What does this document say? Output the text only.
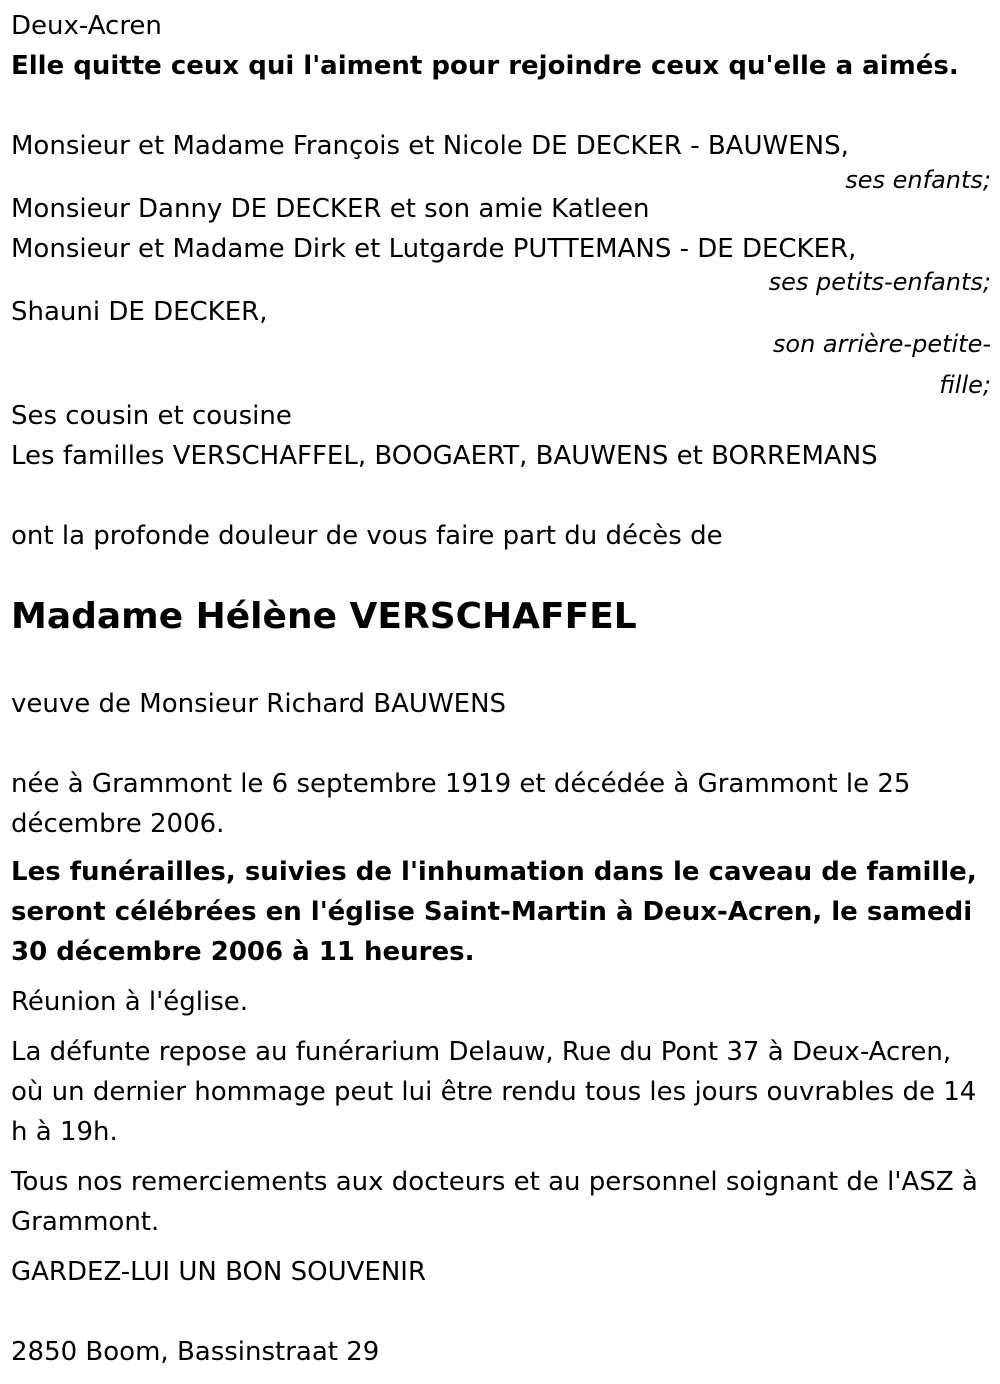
Deux-Acren
Elle quitte ceux qui l'aiment pour rejoindre ceux qu'elle a aimés.
Monsieur et Madame François et Nicole DE DECKER - BAUWENS,
ses enfants;
Monsieur Danny DE DECKER et son amie Katleen
Monsieur et Madame Dirk et Lutgarde PUTTEMANS - DE DECKER,
ses petits-enfants;
Shauni DE DECKER,
son arrière-petite-
fille;
Ses cousin et cousine
Les familles VERSCHAFFEL, BOOGAERT, BAUWENS et BORREMANS
ont la profonde douleur de vous faire part du décès de
Madame Hélène VERSCHAFFEL
veuve de Monsieur Richard BAUWENS
née à Grammont le 6 septembre 1919 et décédée à Grammont le 25 décembre 2006.
Les funérailles, suivies de l'inhumation dans le caveau de famille, seront célébrées en l'église Saint-Martin à Deux-Acren, le samedi 30 décembre 2006 à 11 heures.
Réunion à l'église.
La défunte repose au funérarium Delauw, Rue du Pont 37 à Deux-Acren, où un dernier hommage peut lui être rendu tous les jours ouvrables de 14 h à 19h.
Tous nos remerciements aux docteurs et au personnel soignant de l'ASZ à Grammont.
GARDEZ-LUI UN BON SOUVENIR
2850 Boom, Bassinstraat 29
